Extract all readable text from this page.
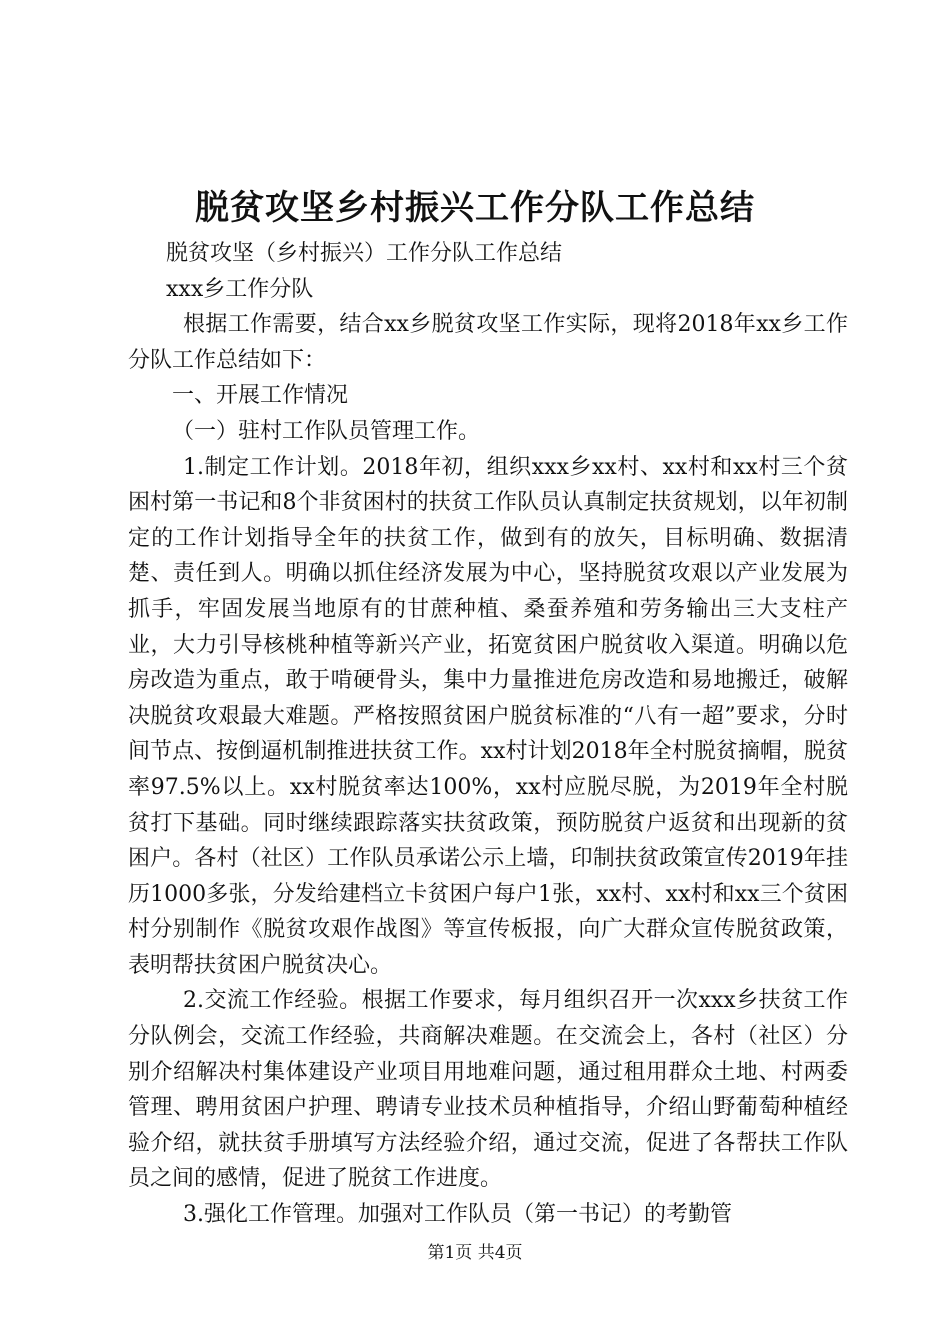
脱贫攻坚乡村振兴工作分队工作总结

脱贫攻坚（乡村振兴）工作分队工作总结

xxx乡工作分队

根据工作需要，结合xx乡脱贫攻坚工作实际，现将2018年xx乡工作分队工作总结如下：

一、开展工作情况

（一）驻村工作队员管理工作。

1.制定工作计划。2018年初，组织xxx乡xx村、xx村和xx村三个贫困村第一书记和8个非贫困村的扶贫工作队员认真制定扶贫规划，以年初制定的工作计划指导全年的扶贫工作，做到有的放矢，目标明确、数据清楚、责任到人。明确以抓住经济发展为中心，坚持脱贫攻艰以产业发展为抓手，牢固发展当地原有的甘蔗种植、桑蚕养殖和劳务输出三大支柱产业，大力引导核桃种植等新兴产业，拓宽贫困户脱贫收入渠道。明确以危房改造为重点，敢于啃硬骨头，集中力量推进危房改造和易地搬迁，破解决脱贫攻艰最大难题。严格按照贫困户脱贫标准的“八有一超”要求，分时间节点、按倒逼机制推进扶贫工作。xx村计划2018年全村脱贫摘帽，脱贫率97.5%以上。xx村脱贫率达100%，xx村应脱尽脱，为2019年全村脱贫打下基础。同时继续跟踪落实扶贫政策，预防脱贫户返贫和出现新的贫困户。各村（社区）工作队员承诺公示上墙，印制扶贫政策宣传2019年挂历1000多张，分发给建档立卡贫困户每户1张，xx村、xx村和xx三个贫困村分别制作《脱贫攻艰作战图》等宣传板报，向广大群众宣传脱贫政策，表明帮扶贫困户脱贫决心。

2.交流工作经验。根据工作要求，每月组织召开一次xxx乡扶贫工作分队例会，交流工作经验，共商解决难题。在交流会上，各村（社区）分别介绍解决村集体建设产业项目用地难问题，通过租用群众土地、村两委管理、聘用贫困户护理、聘请专业技术员种植指导，介绍山野葡萄种植经验介绍，就扶贫手册填写方法经验介绍，通过交流，促进了各帮扶工作队员之间的感情，促进了脱贫工作进度。

3.强化工作管理。加强对工作队员（第一书记）的考勤管

第1页 共4页
